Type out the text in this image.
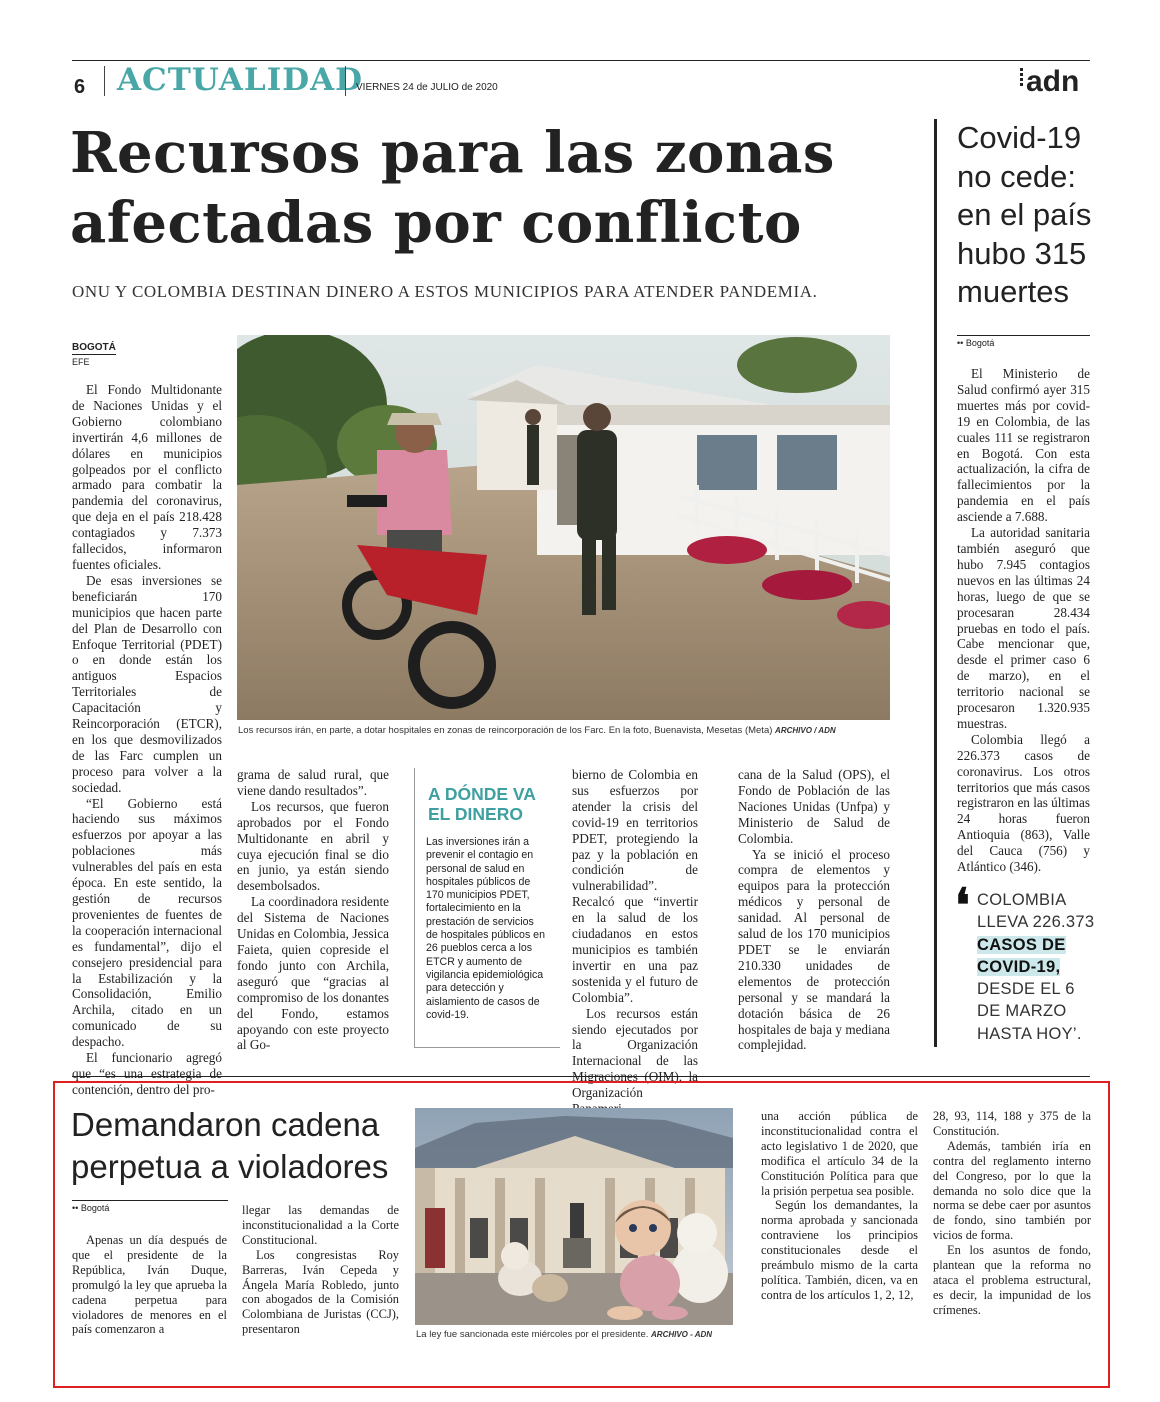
6 ACTUALIDAD
VIERNES 24 de JULIO de 2020	adn
Recursos para las zonas
afectadas por conflicto
ONU Y COLOMBIA DESTINAN DINERO A ESTOS MUNICIPIOS PARA ATENDER PANDEMIA.
BOGOTÁ
EFE

El Fondo Multidonante de Naciones Unidas y el Gobierno colombiano invertirán 4,6 millones de dólares en municipios golpeados por el conflicto armado para combatir la pandemia del coronavirus, que deja en el país 218.428 contagiados y 7.373 fallecidos, informaron fuentes oficiales.

De esas inversiones se beneficiarán 170 municipios que hacen parte del Plan de Desarrollo con Enfoque Territorial (PDET) o en donde están los antiguos Espacios Territoriales de Capacitación y Reincorporación (ETCR), en los que desmovilizados de las Farc cumplen un proceso para volver a la sociedad.

“El Gobierno está haciendo sus máximos esfuerzos por apoyar a las poblaciones más vulnerables del país en esta época. En este sentido, la gestión de recursos provenientes de fuentes de la cooperación internacional es fundamental”, dijo el consejero presidencial para la Estabilización y la Consolidación, Emilio Archila, citado en un comunicado de su despacho.

El funcionario agregó que “es una estrategia de contención, dentro del pro-

Los recursos irán, en parte, a dotar hospitales en zonas de reincorporación de los Farc. En la foto, Buenavista, Mesetas (Meta) ARCHIVO / ADN

grama de salud rural, que viene dando resultados”.

Los recursos, que fueron aprobados por el Fondo Multidonante en abril y cuya ejecución final se dio en junio, ya están siendo desembolsados.

La coordinadora residente del Sistema de Naciones Unidas en Colombia, Jessica Faieta, quien copreside el fondo junto con Archila, aseguró que “gracias al compromiso de los donantes del Fondo, estamos apoyando con este proyecto al Go-

A DÓNDE VA
EL DINERO
Las inversiones irán a prevenir el contagio en personal de salud en hospitales públicos de 170 municipios PDET, fortalecimiento en la prestación de servicios de hospitales públicos en 26 pueblos cerca a los ETCR y aumento de vigilancia epidemiológica para detección y aislamiento de casos de covid-19.

bierno de Colombia en sus esfuerzos por atender la crisis del covid-19 en territorios PDET, protegiendo la paz y la población en condición de vulnerabilidad”. Recalcó que “invertir en la salud de los ciudadanos en estos municipios es también invertir en una paz sostenida y el futuro de Colombia”.

Los recursos están siendo ejecutados por la Organización Internacional de las Migraciones (OIM), la Organización

cana de la Salud (OPS), el Fondo de Población de las Naciones Unidas (Unfpa) y Ministerio de Salud de Colombia.

Ya se inició el proceso compra de elementos y equipos para la protección médicos y personal de sanidad. Al personal de salud de los 170 municipios PDET se le enviarán 210.330 unidades de elementos de protección personal y se mandará la dotación básica de 26 hospitales de baja y mediana complejidad.

Covid-19
no cede:
en el país
hubo 315
muertes
•• Bogotá

El Ministerio de Salud confirmó ayer 315 muertes más por covid-19 en Colombia, de las cuales 111 se registraron en Bogotá. Con esta actualización, la cifra de fallecimientos por la pandemia en el país asciende a 7.688.

La autoridad sanitaria también aseguró que hubo 7.945 contagios nuevos en las últimas 24 horas, luego de que se procesaran 28.434 pruebas en todo el país. Cabe mencionar que, desde el primer caso 6 de marzo), en el territorio nacional se procesaron 1.320.935 muestras.

Colombia llegó a 226.373 casos de coronavirus. Los otros territorios que más casos registraron en las últimas 24 horas fueron Antioquia (863), Valle del Cauca (756) y Atlántico (346).

❛ COLOMBIA
LLEVA 226.373
CASOS DE
COVID-19,
DESDE EL 6
DE MARZO
HASTA HOY’.
Demandaron cadena
perpetua a violadores
•• Bogotá

Apenas un día después de que el presidente de la República, Iván Duque, promulgó la ley que aprueba la cadena perpetua para violadores de menores en el país comenzaron a

llegar las demandas de inconstitucionalidad a la Corte Constitucional.

Los congresistas Roy Barreras, Iván Cepeda y Ángela María Robledo, junto con abogados de la Comisión Colombiana de Juristas (CCJ), presentaron	La ley fue sancionada este miércoles por el presidente. ARCHIVO - ADN

una acción pública de inconstitucionalidad contra el acto legislativo 1 de 2020, que modifica el artículo 34 de la Constitución Política para que la prisión perpetua sea posible.

Según los demandantes, la norma aprobada y sancionada contraviene los principios constitucionales desde el preámbulo mismo de la carta política. También, dicen, va en contra de los artículos 1, 2, 12,

28, 93, 114, 188 y 375 de la Constitución.

Además, también iría en contra del reglamento interno del Congreso, por lo que la demanda no solo dice que la norma se debe caer por asuntos de fondo, sino también por vicios de forma.

En los asuntos de fondo, plantean que la reforma no ataca el problema estructural, es decir, la impunidad de los crímenes.
